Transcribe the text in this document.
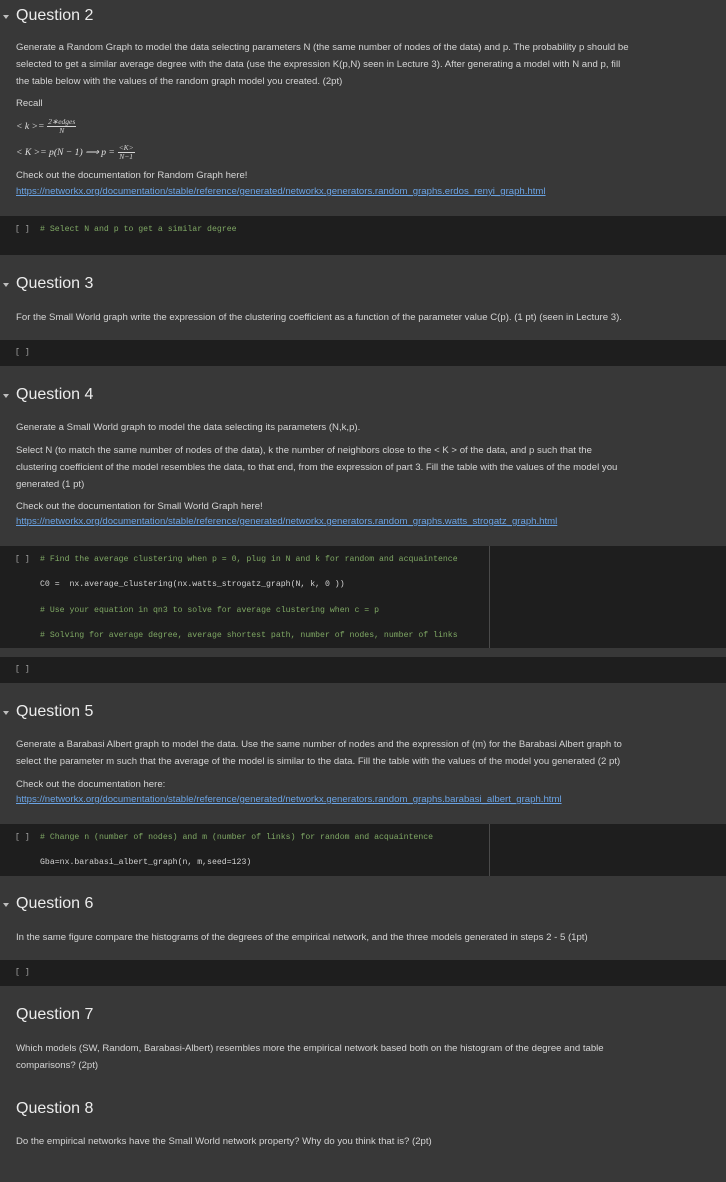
Question 2
Generate a Random Graph to model the data selecting parameters N (the same number of nodes of the data) and p. The probability p should be
selected to get a similar average degree with the data (use the expression K(p,N) seen in Lecture 3). After generating a model with N and p, fill
the table below with the values of the random graph model you created. (2pt)
Recall
< $k >= \frac{\text{2∗edges}}{N}$
< K >= p(N − 1) ⟹ $p = \frac{<K>}{N-1}$
Check out the documentation for Random Graph here!
https://networkx.org/documentation/stable/reference/generated/networkx.generators.random_graphs.erdos_renyi_graph.html
[ ] # Select N and p to get a similar degree
Question 3
For the Small World graph write the expression of the clustering coefficient as a function of the parameter value C(p). (1 pt) (seen in Lecture 3).
[ ]
Question 4
Generate a Small World graph to model the data selecting its parameters (N,k,p).
Select N (to match the same number of nodes of the data), k the number of neighbors close to the < K > of the data, and p such that the
clustering coefficient of the model resembles the data, to that end, from the expression of part 3. Fill the table with the values of the model you
generated (1 pt)
Check out the documentation for Small World Graph here!
https://networkx.org/documentation/stable/reference/generated/networkx.generators.random_graphs.watts_strogatz_graph.html
[ ] # Find the average clustering when p = 0, plug in N and k for random and acquaintence
C0 =  nx.average_clustering(nx.watts_strogatz_graph(N, k, 0 ))
# Use your equation in qn3 to solve for average clustering when c = p
# Solving for average degree, average shortest path, number of nodes, number of links
[ ]
Question 5
Generate a Barabasi Albert graph to model the data. Use the same number of nodes and the expression of (m) for the Barabasi Albert graph to
select the parameter m such that the average of the model is similar to the data. Fill the table with the values of the model you generated (2 pt)
Check out the documentation here:
https://networkx.org/documentation/stable/reference/generated/networkx.generators.random_graphs.barabasi_albert_graph.html
[ ] # Change n (number of nodes) and m (number of links) for random and acquaintence
Gba=nx.barabasi_albert_graph(n, m,seed=123)
Question 6
In the same figure compare the histograms of the degrees of the empirical network, and the three models generated in steps 2 - 5 (1pt)
[ ]
Question 7
Which models (SW, Random, Barabasi-Albert) resembles more the empirical network based both on the histogram of the degree and table
comparisons? (2pt)
Question 8
Do the empirical networks have the Small World network property? Why do you think that is? (2pt)
